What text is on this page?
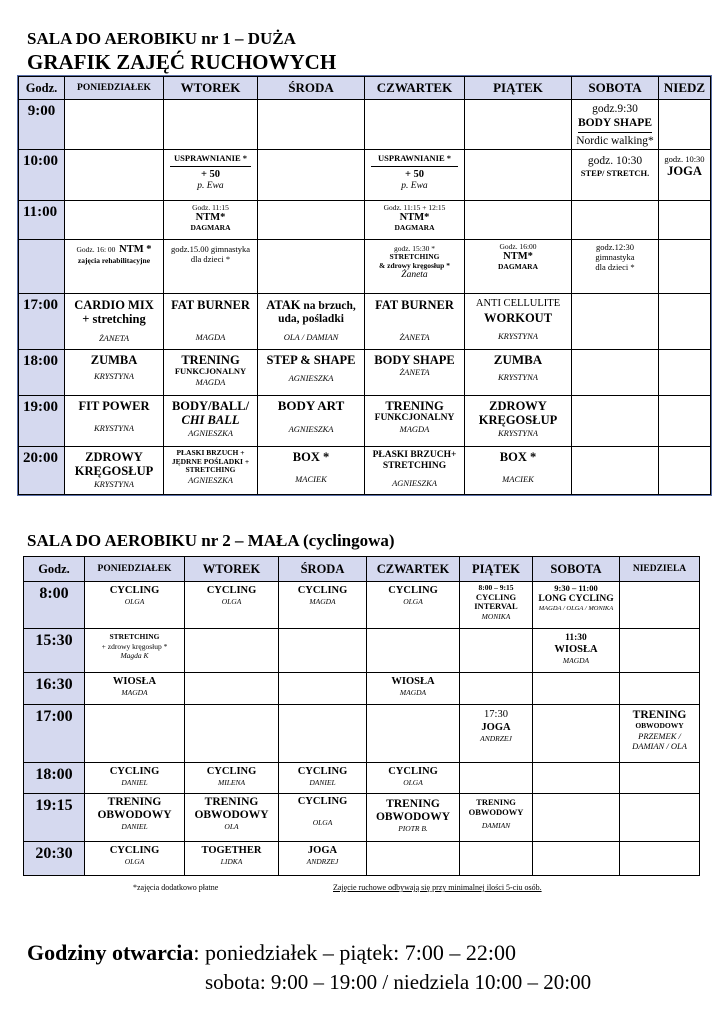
SALA DO AEROBIKU nr 1 – DUŻA
GRAFIK ZAJĘĆ RUCHOWYCH
Godz.	PONIEDZIAŁEK	WTOREK	ŚRODA	CZWARTEK	PIĄTEK	SOBOTA	NIEDZ
9:00						godz.9:30
BODY SHAPE
Nordic walking*	

10:00		USPRAWNIANIE *
+ 50
p. Ewa		USPRAWNIANIE *
+ 50
p. Ewa		godz. 10:30
STEP/ STRETCH.	godz. 10:30
JOGA

11:00		Godz. 11:15
NTM*
DAGMARA		Godz. 11:15 + 12:15
NTM*
DAGMARA			

	Godz. 16: 00 NTM *
zajęcia rehabilitacyjne	godz.15.00 gimnastyka
dla dzieci *		godz. 15:30 *
STRETCHING
& zdrowy kręgosłup *
Żaneta	Godz. 16:00
NTM*
DAGMARA	godz.12:30
gimnastyka
dla dzieci *	

17:00	CARDIO MIX
+ stretching
ŻANETA	FAT BURNER
MAGDA	ATAK na brzuch,
uda, pośladki
OLA / DAMIAN	FAT BURNER
ŻANETA	ANTI CELLULITE
WORKOUT
KRYSTYNA		

18:00	ZUMBA
KRYSTYNA	TRENING
FUNKCJONALNY
MAGDA	STEP & SHAPE
AGNIESZKA	BODY SHAPE
ŻANETA	ZUMBA
KRYSTYNA		

19:00	FIT POWER
KRYSTYNA	BODY/BALL/
CHI BALL
AGNIESZKA	BODY ART
AGNIESZKA	TRENING
FUNKCJONALNY
MAGDA	ZDROWY
KRĘGOSŁUP
KRYSTYNA		

20:00	ZDROWY
KRĘGOSŁUP
KRYSTYNA	PŁASKI BRZUCH +
JĘDRNE POŚLADKI +
STRETCHING
AGNIESZKA	BOX *
MACIEK	PŁASKI BRZUCH+
STRETCHING
AGNIESZKA	BOX *
MACIEK		

SALA DO AEROBIKU nr 2 – MAŁA (cyclingowa)
Godz.	PONIEDZIAŁEK	WTOREK	ŚRODA	CZWARTEK	PIĄTEK	SOBOTA	NIEDZIELA
8:00	CYCLING
OLGA	CYCLING
OLGA	CYCLING
MAGDA	CYCLING
OLGA	8:00 – 9:15
CYCLING
INTERVAL
MONIKA	9:30 – 11:00
LONG CYCLING
MAGDA / OLGA / MONIKA	

15:30	STRETCHING
+ zdrowy kręgosłup *
Magda K					11:30
WIOSŁA
MAGDA	

16:30	WIOSŁA
MAGDA			WIOSŁA
MAGDA			

17:00					17:30
JOGA
ANDRZEJ		TRENING
OBWODOWY
PRZEMEK /
DAMIAN / OLA

18:00	CYCLING
DANIEL	CYCLING
MILENA	CYCLING
DANIEL	CYCLING
OLGA			

19:15	TRENING
OBWODOWY
DANIEL	TRENING
OBWODOWY
OLA	CYCLING
OLGA	TRENING
OBWODOWY
PIOTR B.	TRENING
OBWODOWY
DAMIAN		

20:30	CYCLING
OLGA	TOGETHER
LIDKA	JOGA
ANDRZEJ				

*zajęcia dodatkowo płatne	Zajęcie ruchowe odbywają się przy minimalnej ilości 5-ciu osób.
Godziny otwarcia: poniedziałek – piątek: 7:00 – 22:00
sobota: 9:00 – 19:00 / niedziela 10:00 – 20:00
